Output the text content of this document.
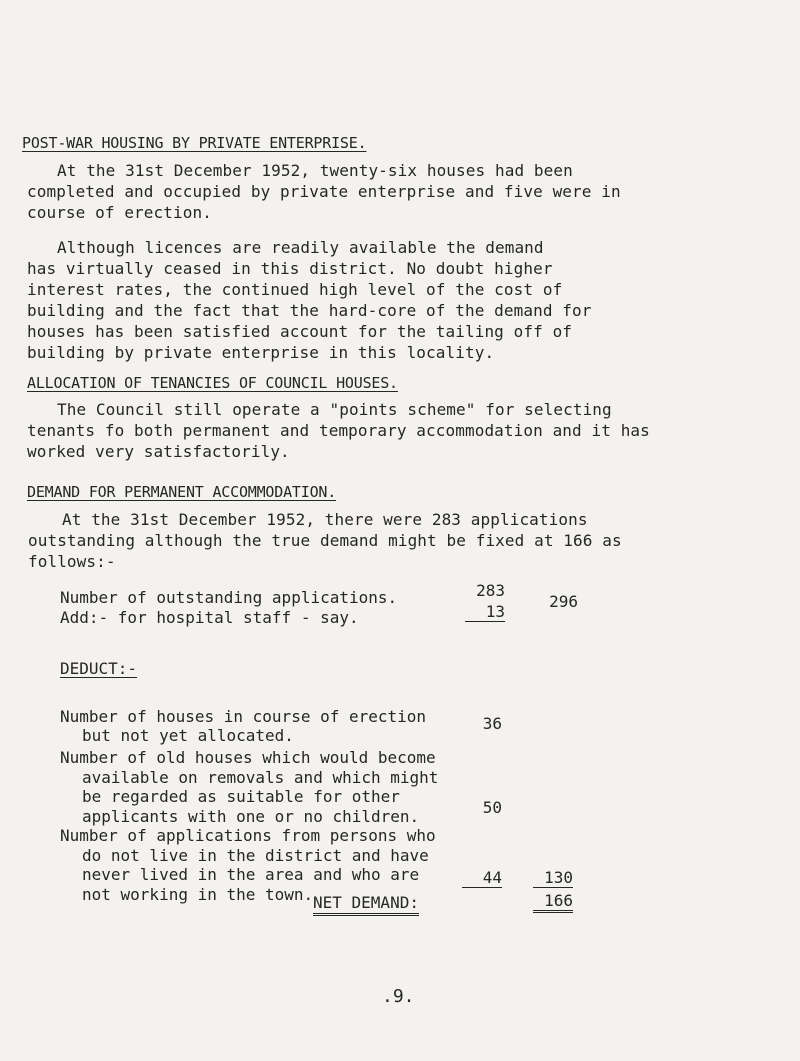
POST-WAR HOUSING BY PRIVATE ENTERPRISE.
At the 31st December 1952, twenty-six houses had been
completed and occupied by private enterprise and five were in
course of erection.
Although licences are readily available the demand
has virtually ceased in this district. No doubt higher
interest rates, the continued high level of the cost of
building and the fact that the hard-core of the demand for
houses has been satisfied account for the tailing off of
building by private enterprise in this locality.
ALLOCATION OF TENANCIES OF COUNCIL HOUSES.
The Council still operate a "points scheme" for selecting
tenants fo both permanent and temporary accommodation and it has
worked very satisfactorily.
DEMAND FOR PERMANENT ACCOMMODATION.
At the 31st December 1952, there were 283 applications
outstanding although the true demand might be fixed at 166 as
follows:-
Number of outstanding applications.	283
Add:- for hospital staff - say.	13
296
DEDUCT:-
Number of houses in course of erection
but not yet allocated.
36
Number of old houses which would become
available on removals and which might
be regarded as suitable for other
applicants with one or no children.	50
Number of applications from persons who
do not live in the district and have
never lived in the area and who are
not working in the town.
44	130
NET DEMAND:	166
.9.
